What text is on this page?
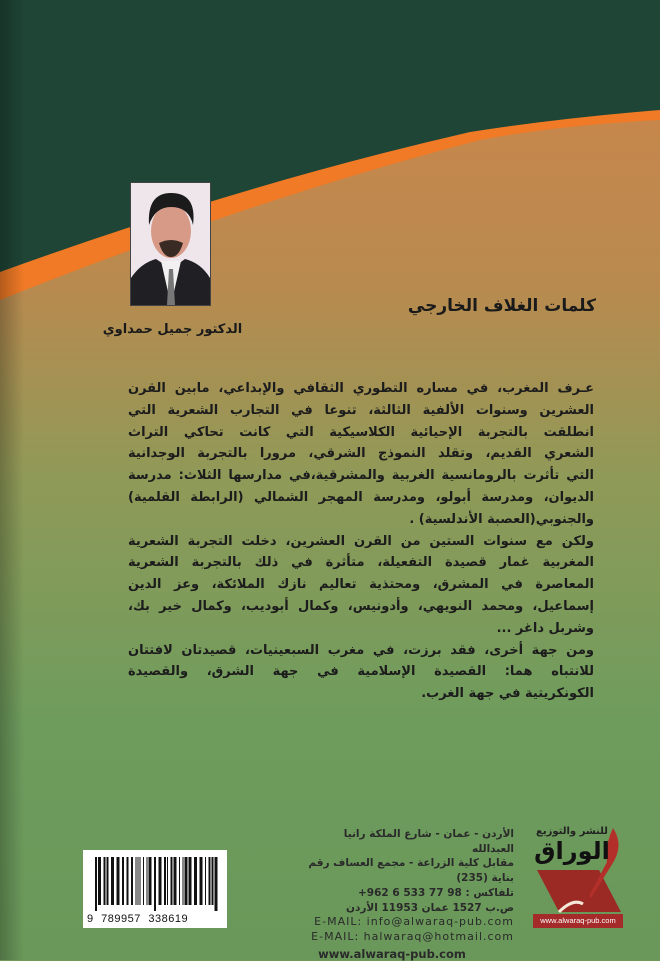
الدكتور جميل حمداوي
كلمات الغلاف الخارجي
عـرف المغرب، في مساره التطوري الثقافي والإبداعي، مابين القرن
العشرين وسنوات الألفية الثالثة، تنوعا في التجارب الشعرية التي
انطلقت بالتجربة الإحيائية الكلاسيكية التي كانت تحاكي التراث
الشعري القديم، وتقلد النموذج الشرقي، مرورا بالتجربة الوجدانية
التي تأثرت بالرومانسية الغربية والمشرقية،في مدارسها الثلاث: مدرسة
الديوان، ومدرسة أبولو، ومدرسة المهجر الشمالي (الرابطة القلمية)
والجنوبي(العصبة الأندلسية) .
ولكن مع سنوات الستين من القرن العشرين، دخلت التجربة الشعرية
المغربية غمار قصيدة التفعيلة، متأثرة في ذلك بالتجربة الشعرية
المعاصرة في المشرق، ومحتذية تعاليم نازك الملائكة، وعز الدين
إسماعيل، ومحمد النويهي، وأدونيس، وكمال أبوديب، وكمال خير بك،
وشربل داغر ...
ومن جهة أخرى، فقد برزت، في مغرب السبعينيات، قصيدتان لافتتان
للانتباه هما: القصيدة الإسلامية في جهة الشرق، والقصيدة
الكونكريتية في جهة الغرب.
الأردن - عمان - شارع الملكة رانيا العبدالله
مقابل كلية الزراعة - مجمع العساف رقم بناية (235)
تلفاكس : 98 77 533 6 962+
ص.ب 1527 عمان 11953 الأردن
E-MAIL: info@alwaraq-pub.com
E-MAIL: halwaraq@hotmail.com
www.alwaraq-pub.com
للنشر والتوزيع
الوراق
www.alwaraq-pub.com
9 789957 338619
